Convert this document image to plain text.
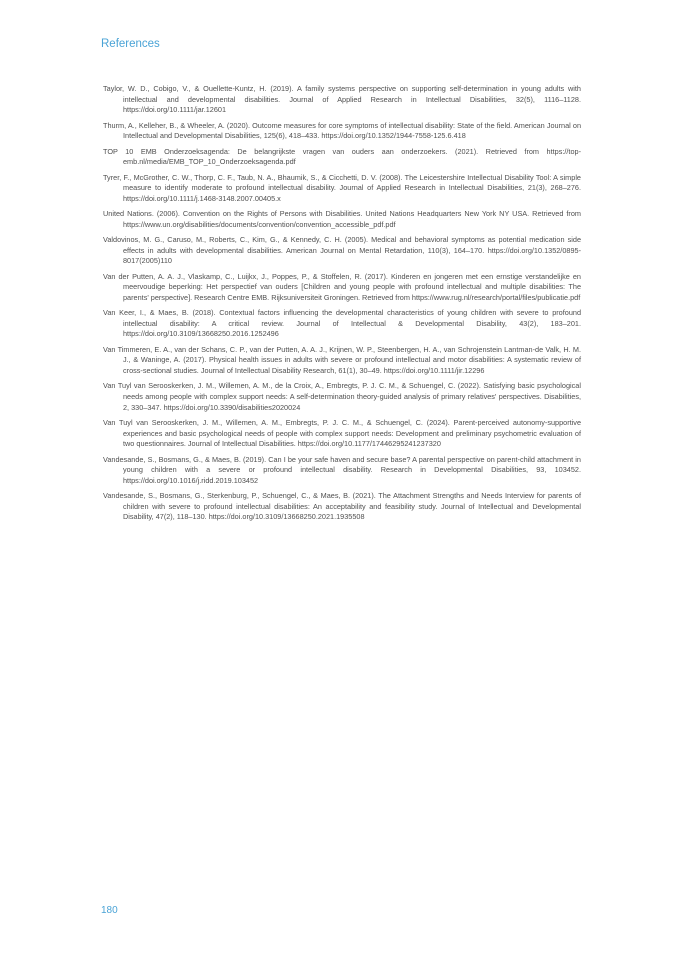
References
Taylor, W. D., Cobigo, V., & Ouellette-Kuntz, H. (2019). A family systems perspective on supporting self-determination in young adults with intellectual and developmental disabilities. Journal of Applied Research in Intellectual Disabilities, 32(5), 1116–1128. https://doi.org/10.1111/jar.12601
Thurm, A., Kelleher, B., & Wheeler, A. (2020). Outcome measures for core symptoms of intellectual disability: State of the field. American Journal on Intellectual and Developmental Disabilities, 125(6), 418–433. https://doi.org/10.1352/1944-7558-125.6.418
TOP 10 EMB Onderzoeksagenda: De belangrijkste vragen van ouders aan onderzoekers. (2021). Retrieved from https://top-emb.nl/media/EMB_TOP_10_Onderzoeksagenda.pdf
Tyrer, F., McGrother, C. W., Thorp, C. F., Taub, N. A., Bhaumik, S., & Cicchetti, D. V. (2008). The Leicestershire Intellectual Disability Tool: A simple measure to identify moderate to profound intellectual disability. Journal of Applied Research in Intellectual Disabilities, 21(3), 268–276. https://doi.org/10.1111/j.1468-3148.2007.00405.x
United Nations. (2006). Convention on the Rights of Persons with Disabilities. United Nations Headquarters New York NY USA. Retrieved from https://www.un.org/disabilities/documents/convention/convention_accessible_pdf.pdf
Valdovinos, M. G., Caruso, M., Roberts, C., Kim, G., & Kennedy, C. H. (2005). Medical and behavioral symptoms as potential medication side effects in adults with developmental disabilities. American Journal on Mental Retardation, 110(3), 164–170. https://doi.org/10.1352/0895-8017(2005)110
Van der Putten, A. A. J., Vlaskamp, C., Luijkx, J., Poppes, P., & Stoffelen, R. (2017). Kinderen en jongeren met een ernstige verstandelijke en meervoudige beperking: Het perspectief van ouders [Children and young people with profound intellectual and multiple disabilities: The parents' perspective]. Research Centre EMB. Rijksuniversiteit Groningen. Retrieved from https://www.rug.nl/research/portal/files/publicatie.pdf
Van Keer, I., & Maes, B. (2018). Contextual factors influencing the developmental characteristics of young children with severe to profound intellectual disability: A critical review. Journal of Intellectual & Developmental Disability, 43(2), 183–201. https://doi.org/10.3109/13668250.2016.1252496
Van Timmeren, E. A., van der Schans, C. P., van der Putten, A. A. J., Krijnen, W. P., Steenbergen, H. A., van Schrojenstein Lantman-de Valk, H. M. J., & Waninge, A. (2017). Physical health issues in adults with severe or profound intellectual and motor disabilities: A systematic review of cross-sectional studies. Journal of Intellectual Disability Research, 61(1), 30–49. https://doi.org/10.1111/jir.12296
Van Tuyl van Serooskerken, J. M., Willemen, A. M., de la Croix, A., Embregts, P. J. C. M., & Schuengel, C. (2022). Satisfying basic psychological needs among people with complex support needs: A self-determination theory-guided analysis of primary relatives' perspectives. Disabilities, 2, 330–347. https://doi.org/10.3390/disabilities2020024
Van Tuyl van Serooskerken, J. M., Willemen, A. M., Embregts, P. J. C. M., & Schuengel, C. (2024). Parent-perceived autonomy-supportive experiences and basic psychological needs of people with complex support needs: Development and preliminary psychometric evaluation of two questionnaires. Journal of Intellectual Disabilities. https://doi.org/10.1177/17446295241237320
Vandesande, S., Bosmans, G., & Maes, B. (2019). Can I be your safe haven and secure base? A parental perspective on parent-child attachment in young children with a severe or profound intellectual disability. Research in Developmental Disabilities, 93, 103452. https://doi.org/10.1016/j.ridd.2019.103452
Vandesande, S., Bosmans, G., Sterkenburg, P., Schuengel, C., & Maes, B. (2021). The Attachment Strengths and Needs Interview for parents of children with severe to profound intellectual disabilities: An acceptability and feasibility study. Journal of Intellectual and Developmental Disability, 47(2), 118–130. https://doi.org/10.3109/13668250.2021.1935508
180
